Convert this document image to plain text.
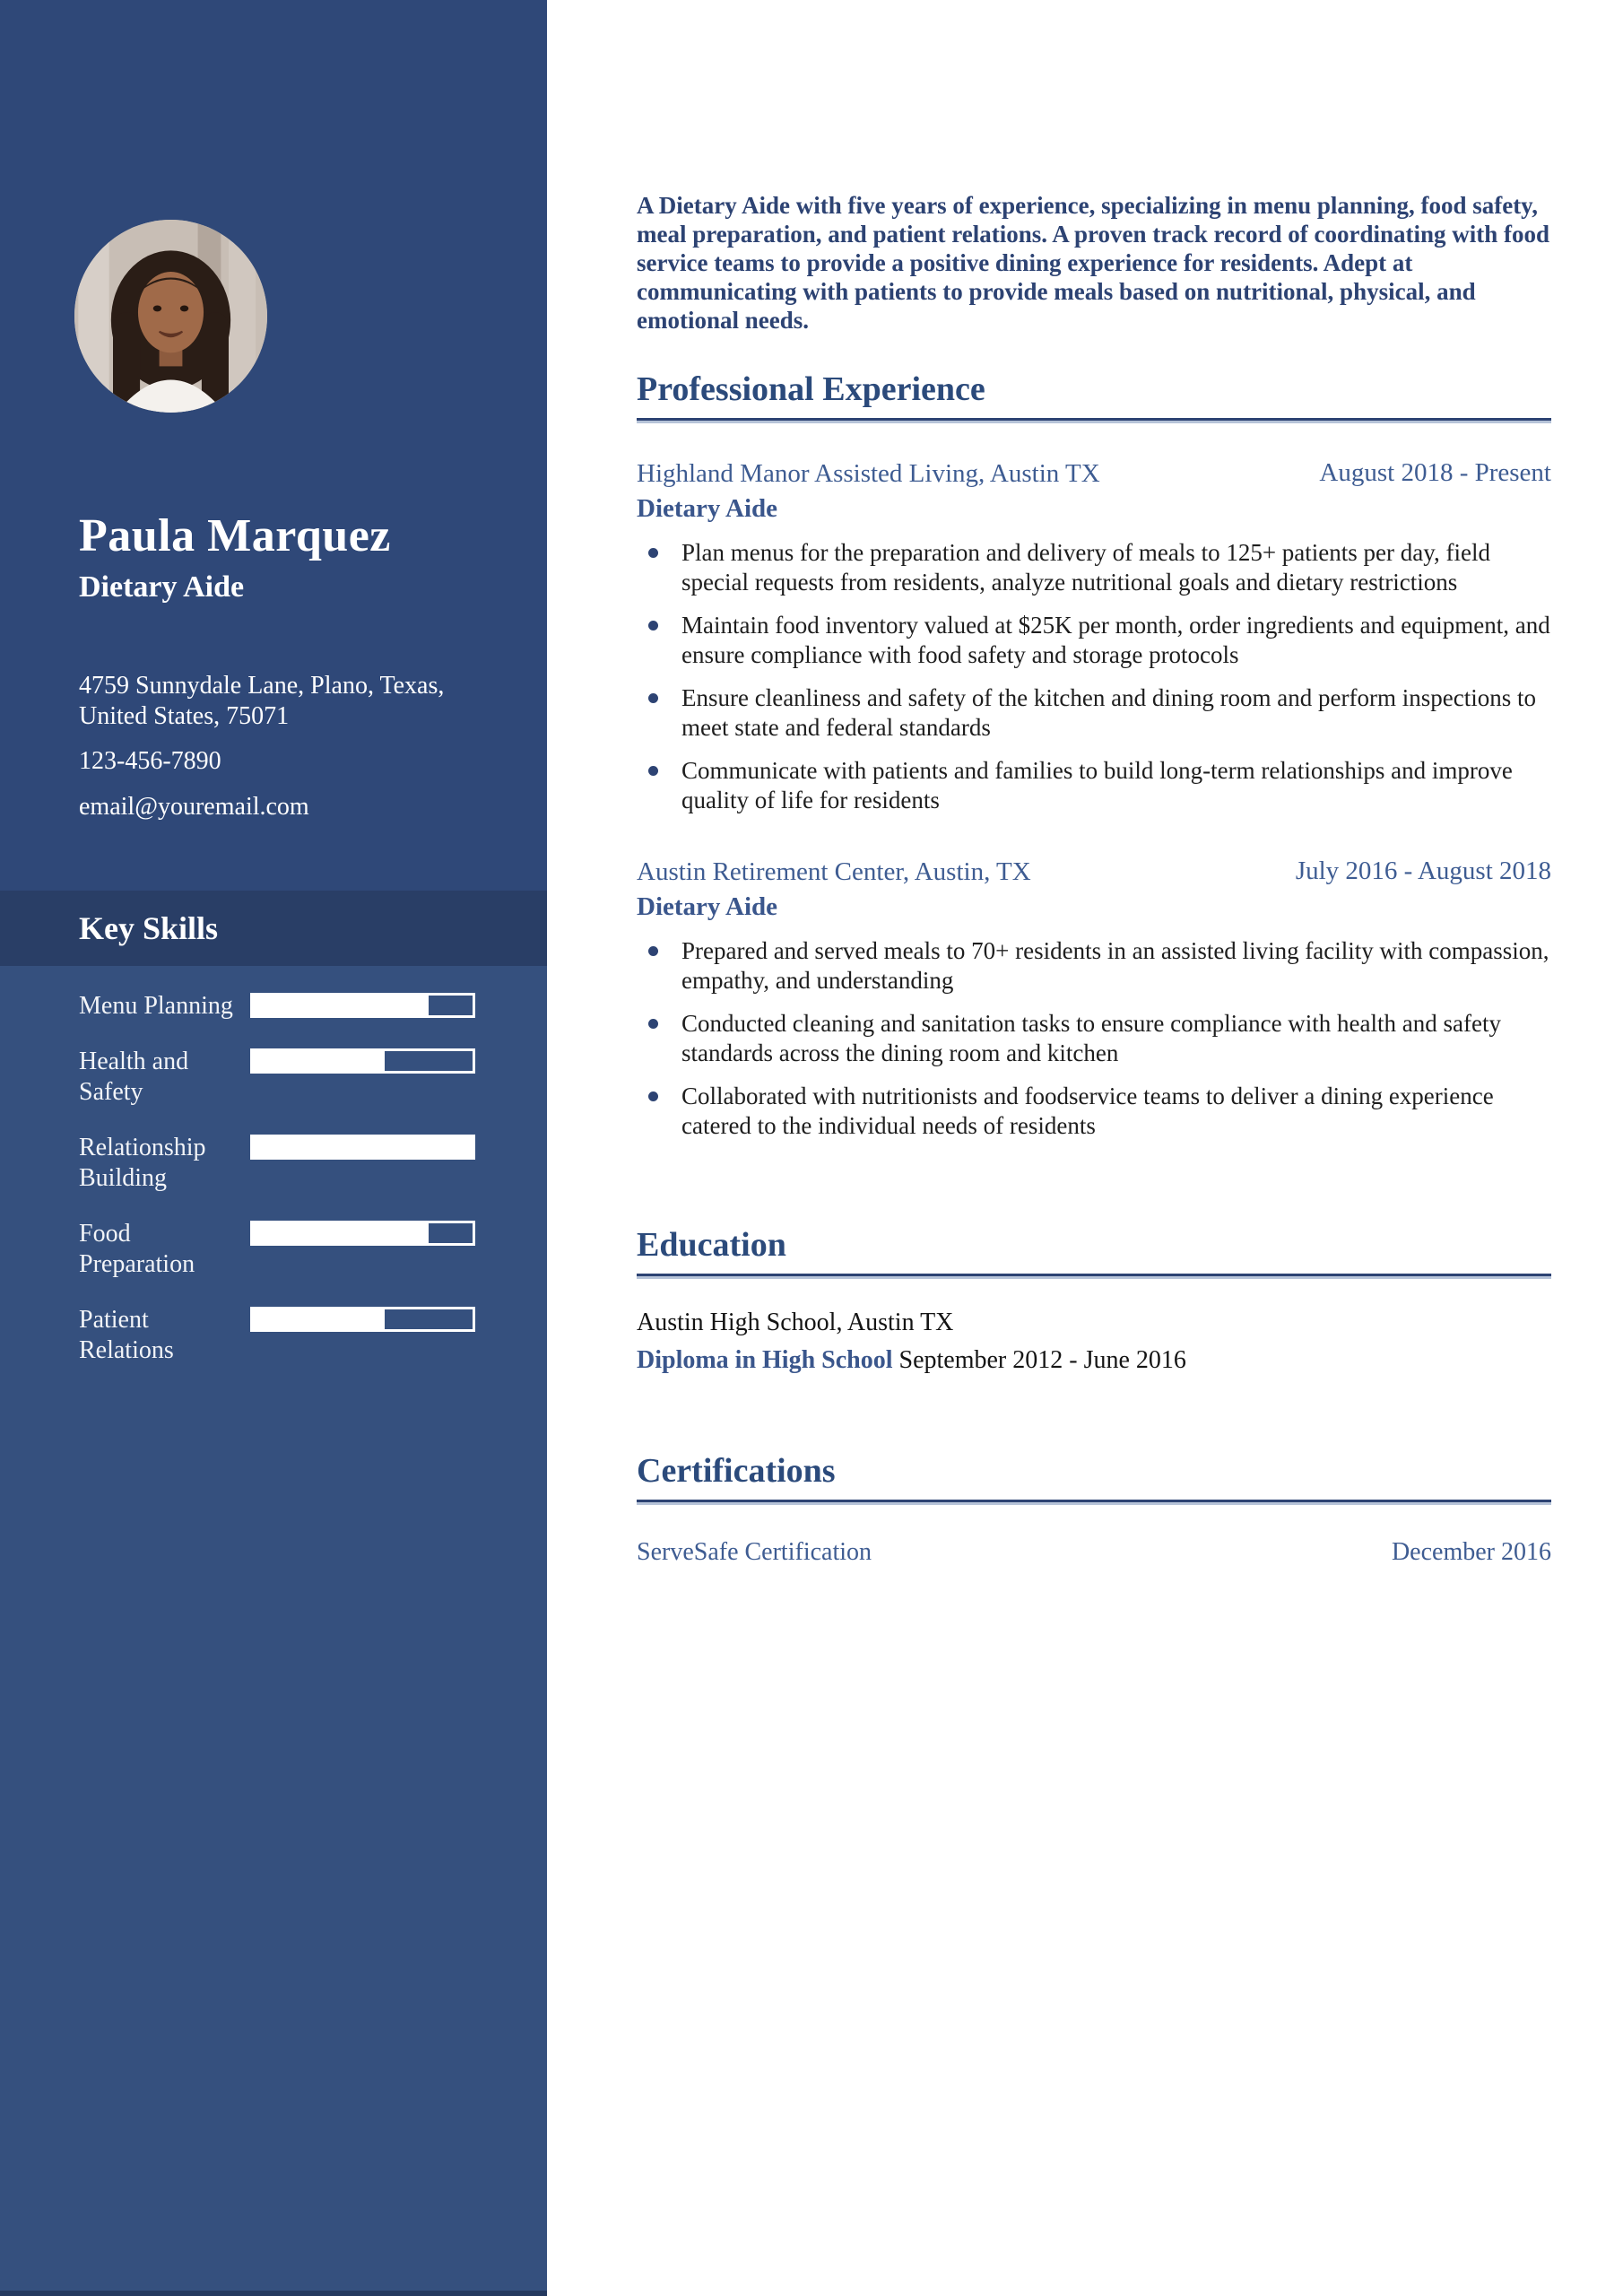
Paula Marquez
Dietary Aide
4759 Sunnydale Lane, Plano, Texas,
United States, 75071
123-456-7890
email@youremail.com
Key Skills
Menu Planning
Health and Safety
Relationship Building
Food Preparation
Patient Relations

A Dietary Aide with five years of experience, specializing in menu planning, food safety, meal preparation, and patient relations. A proven track record of coordinating with food service teams to provide a positive dining experience for residents. Adept at communicating with patients to provide meals based on nutritional, physical, and emotional needs.

Professional Experience
Highland Manor Assisted Living, Austin TX	August 2018 - Present
Dietary Aide
Plan menus for the preparation and delivery of meals to 125+ patients per day, field special requests from residents, analyze nutritional goals and dietary restrictions
Maintain food inventory valued at $25K per month, order ingredients and equipment, and ensure compliance with food safety and storage protocols
Ensure cleanliness and safety of the kitchen and dining room and perform inspections to meet state and federal standards
Communicate with patients and families to build long-term relationships and improve quality of life for residents
Austin Retirement Center, Austin, TX	July 2016 - August 2018
Dietary Aide
Prepared and served meals to 70+ residents in an assisted living facility with compassion, empathy, and understanding
Conducted cleaning and sanitation tasks to ensure compliance with health and safety standards across the dining room and kitchen
Collaborated with nutritionists and foodservice teams to deliver a dining experience catered to the individual needs of residents
Education
Austin High School, Austin TX
Diploma in High School September 2012 - June 2016
Certifications
ServeSafe Certification	December 2016
